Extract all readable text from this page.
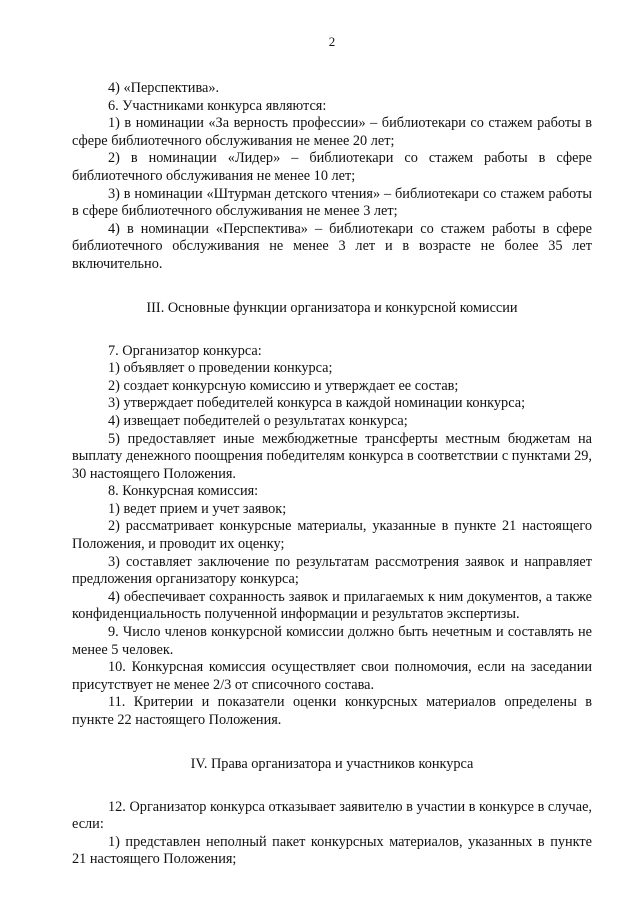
2

4) «Перспектива».

6. Участниками конкурса являются:

1) в номинации «За верность профессии» – библиотекари со стажем работы в сфере библиотечного обслуживания не менее 20 лет;

2) в номинации «Лидер» – библиотекари со стажем работы в сфере библиотечного обслуживания не менее 10 лет;

3) в номинации «Штурман детского чтения» – библиотекари со стажем работы в сфере библиотечного обслуживания не менее 3 лет;

4) в номинации «Перспектива» – библиотекари со стажем работы в сфере библиотечного обслуживания не менее 3 лет и в возрасте не более 35 лет включительно.

III. Основные функции организатора и конкурсной комиссии

7. Организатор конкурса:

1) объявляет о проведении конкурса;

2) создает конкурсную комиссию и утверждает ее состав;

3) утверждает победителей конкурса в каждой номинации конкурса;

4) извещает победителей о результатах конкурса;

5) предоставляет иные межбюджетные трансферты местным бюджетам на выплату денежного поощрения победителям конкурса в соответствии с пунктами 29, 30 настоящего Положения.

8. Конкурсная комиссия:

1) ведет прием и учет заявок;

2) рассматривает конкурсные материалы, указанные в пункте 21 настоящего Положения, и проводит их оценку;

3) составляет заключение по результатам рассмотрения заявок и направляет предложения организатору конкурса;

4) обеспечивает сохранность заявок и прилагаемых к ним документов, а также конфиденциальность полученной информации и результатов экспертизы.

9. Число членов конкурсной комиссии должно быть нечетным и составлять не менее 5 человек.

10. Конкурсная комиссия осуществляет свои полномочия, если на заседании присутствует не менее 2/3 от списочного состава.

11. Критерии и показатели оценки конкурсных материалов определены в пункте 22 настоящего Положения.

IV. Права организатора и участников конкурса

12. Организатор конкурса отказывает заявителю в участии в конкурсе в случае, если:

1) представлен неполный пакет конкурсных материалов, указанных в пункте 21 настоящего Положения;
